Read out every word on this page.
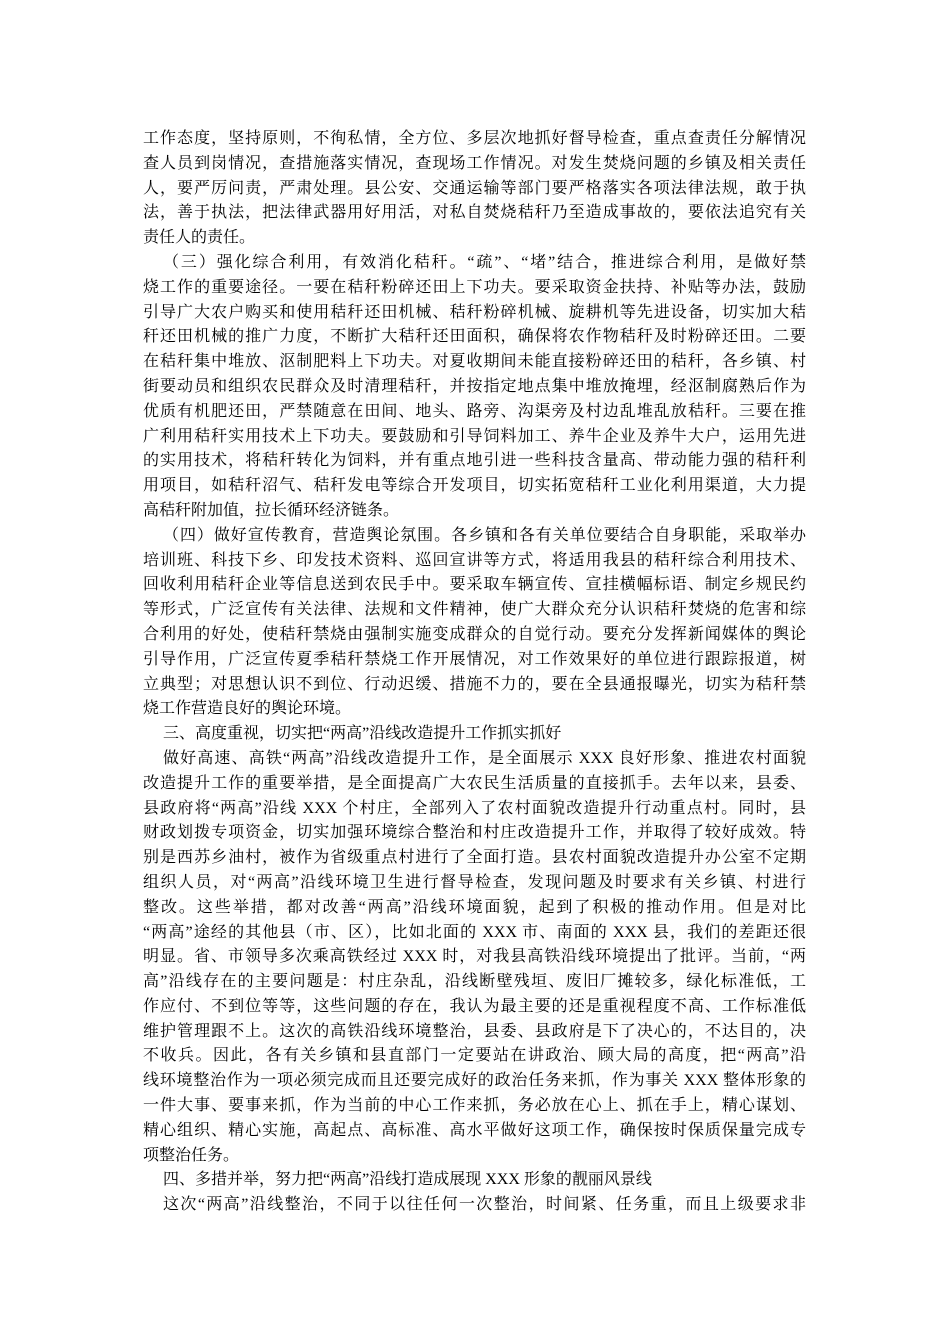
工作态度，坚持原则，不徇私情，全方位、多层次地抓好督导检查，重点查责任分解情况
查人员到岗情况，查措施落实情况，查现场工作情况。对发生焚烧问题的乡镇及相关责任
人，要严厉问责，严肃处理。县公安、交通运输等部门要严格落实各项法律法规，敢于执
法，善于执法，把法律武器用好用活，对私自焚烧秸秆乃至造成事故的，要依法追究有关
责任人的责任。
（三）强化综合利用，有效消化秸秆。“疏”、“堵”结合，推进综合利用，是做好禁
烧工作的重要途径。一要在秸秆粉碎还田上下功夫。要采取资金扶持、补贴等办法，鼓励
引导广大农户购买和使用秸秆还田机械、秸秆粉碎机械、旋耕机等先进设备，切实加大秸
秆还田机械的推广力度，不断扩大秸秆还田面积，确保将农作物秸秆及时粉碎还田。二要
在秸秆集中堆放、沤制肥料上下功夫。对夏收期间未能直接粉碎还田的秸秆，各乡镇、村
街要动员和组织农民群众及时清理秸秆，并按指定地点集中堆放掩埋，经沤制腐熟后作为
优质有机肥还田，严禁随意在田间、地头、路旁、沟渠旁及村边乱堆乱放秸秆。三要在推
广利用秸秆实用技术上下功夫。要鼓励和引导饲料加工、养牛企业及养牛大户，运用先进
的实用技术，将秸秆转化为饲料，并有重点地引进一些科技含量高、带动能力强的秸秆利
用项目，如秸秆沼气、秸秆发电等综合开发项目，切实拓宽秸秆工业化利用渠道，大力提
高秸秆附加值，拉长循环经济链条。
（四）做好宣传教育，营造舆论氛围。各乡镇和各有关单位要结合自身职能，采取举办
培训班、科技下乡、印发技术资料、巡回宣讲等方式，将适用我县的秸秆综合利用技术、
回收利用秸秆企业等信息送到农民手中。要采取车辆宣传、宣挂横幅标语、制定乡规民约
等形式，广泛宣传有关法律、法规和文件精神，使广大群众充分认识秸秆焚烧的危害和综
合利用的好处，使秸秆禁烧由强制实施变成群众的自觉行动。要充分发挥新闻媒体的舆论
引导作用，广泛宣传夏季秸秆禁烧工作开展情况，对工作效果好的单位进行跟踪报道，树
立典型；对思想认识不到位、行动迟缓、措施不力的，要在全县通报曝光，切实为秸秆禁
烧工作营造良好的舆论环境。
三、高度重视，切实把“两高”沿线改造提升工作抓实抓好
做好高速、高铁“两高”沿线改造提升工作，是全面展示 XXX 良好形象、推进农村面貌
改造提升工作的重要举措，是全面提高广大农民生活质量的直接抓手。去年以来，县委、
县政府将“两高”沿线 XXX 个村庄，全部列入了农村面貌改造提升行动重点村。同时，县
财政划拨专项资金，切实加强环境综合整治和村庄改造提升工作，并取得了较好成效。特
别是西苏乡油村，被作为省级重点村进行了全面打造。县农村面貌改造提升办公室不定期
组织人员，对“两高”沿线环境卫生进行督导检查，发现问题及时要求有关乡镇、村进行
整改。这些举措，都对改善“两高”沿线环境面貌，起到了积极的推动作用。但是对比
“两高”途经的其他县（市、区），比如北面的 XXX 市、南面的 XXX 县，我们的差距还很
明显。省、市领导多次乘高铁经过 XXX 时，对我县高铁沿线环境提出了批评。当前，“两
高”沿线存在的主要问题是：村庄杂乱，沿线断壁残垣、废旧厂摊较多，绿化标准低，工
作应付、不到位等等，这些问题的存在，我认为最主要的还是重视程度不高、工作标准低
维护管理跟不上。这次的高铁沿线环境整治，县委、县政府是下了决心的，不达目的，决
不收兵。因此，各有关乡镇和县直部门一定要站在讲政治、顾大局的高度，把“两高”沿
线环境整治作为一项必须完成而且还要完成好的政治任务来抓，作为事关 XXX 整体形象的
一件大事、要事来抓，作为当前的中心工作来抓，务必放在心上、抓在手上，精心谋划、
精心组织、精心实施，高起点、高标准、高水平做好这项工作，确保按时保质保量完成专
项整治任务。
四、多措并举，努力把“两高”沿线打造成展现 XXX 形象的靓丽风景线
这次“两高”沿线整治，不同于以往任何一次整治，时间紧、任务重，而且上级要求非
